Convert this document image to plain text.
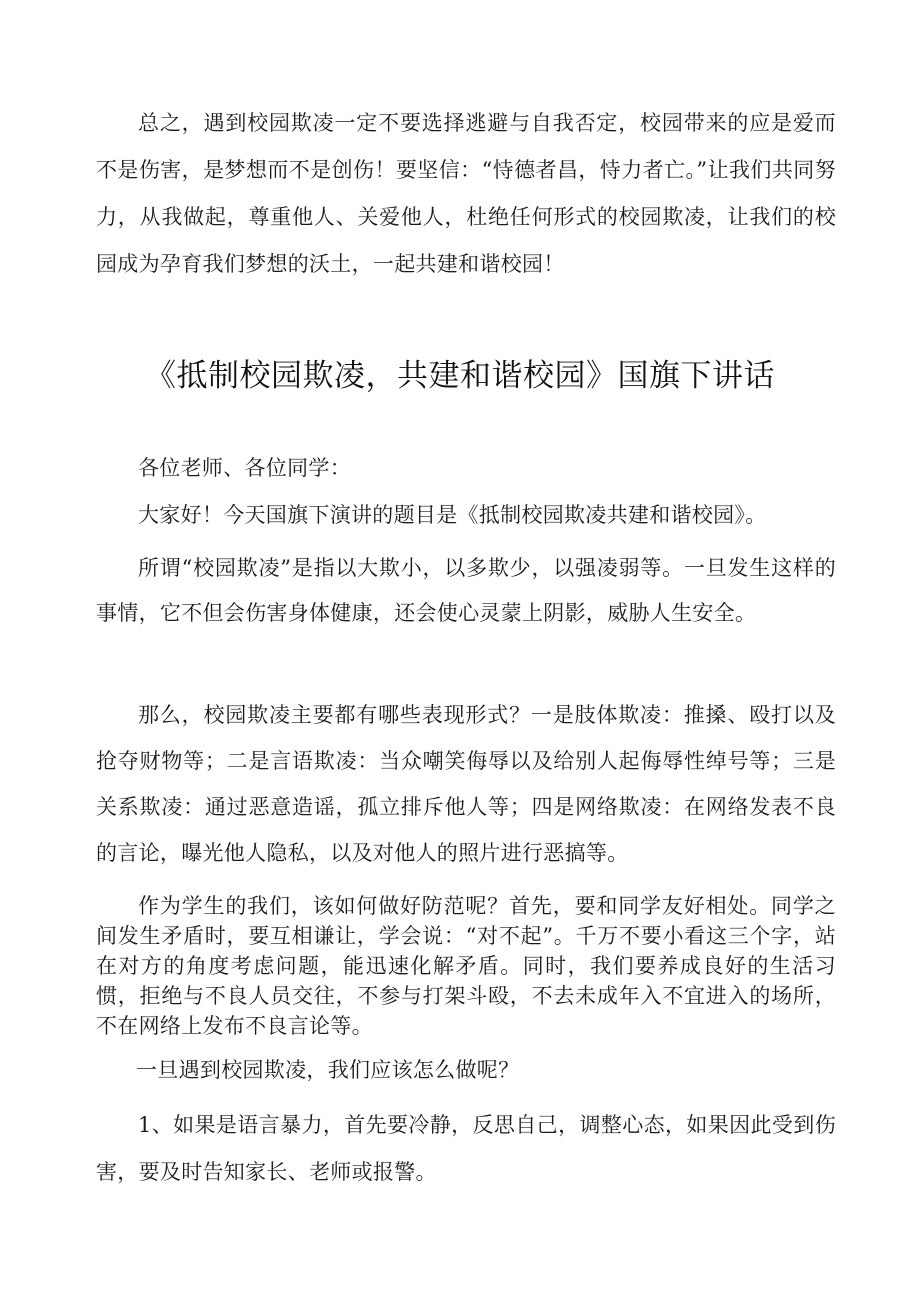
总之，遇到校园欺凌一定不要选择逃避与自我否定，校园带来的应是爱而不是伤害，是梦想而不是创伤！要坚信：“恃德者昌，恃力者亡。”让我们共同努力，从我做起，尊重他人、关爱他人，杜绝任何形式的校园欺凌，让我们的校园成为孕育我们梦想的沃土，一起共建和谐校园！

《抵制校园欺凌，共建和谐校园》国旗下讲话

各位老师、各位同学：

大家好！今天国旗下演讲的题目是《抵制校园欺凌共建和谐校园》。

所谓“校园欺凌”是指以大欺小，以多欺少，以强凌弱等。一旦发生这样的事情，它不但会伤害身体健康，还会使心灵蒙上阴影，威胁人生安全。

那么，校园欺凌主要都有哪些表现形式？一是肢体欺凌：推搡、殴打以及抢夺财物等；二是言语欺凌：当众嘲笑侮辱以及给别人起侮辱性绰号等；三是关系欺凌：通过恶意造谣，孤立排斥他人等；四是网络欺凌：在网络发表不良的言论，曝光他人隐私，以及对他人的照片进行恶搞等。

作为学生的我们，该如何做好防范呢？首先，要和同学友好相处。同学之间发生矛盾时，要互相谦让，学会说：“对不起”。千万不要小看这三个字，站在对方的角度考虑问题，能迅速化解矛盾。同时，我们要养成良好的生活习惯，拒绝与不良人员交往，不参与打架斗殴，不去未成年入不宜进入的场所，不在网络上发布不良言论等。

一旦遇到校园欺凌，我们应该怎么做呢？

1、如果是语言暴力，首先要冷静，反思自己，调整心态，如果因此受到伤害，要及时告知家长、老师或报警。
